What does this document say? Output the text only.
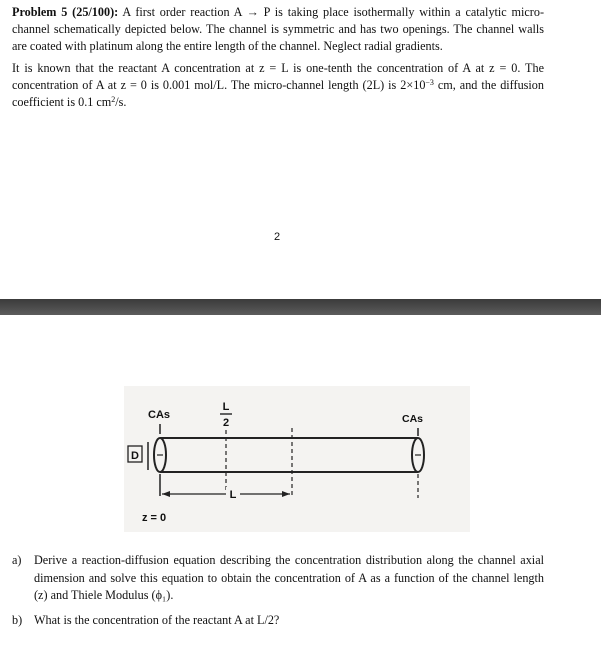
Problem 5 (25/100): A first order reaction A → P is taking place isothermally within a catalytic micro-channel schematically depicted below. The channel is symmetric and has two openings. The channel walls are coated with platinum along the entire length of the channel. Neglect radial gradients.

It is known that the reactant A concentration at z = L is one-tenth the concentration of A at z = 0. The concentration of A at z = 0 is 0.001 mol/L. The micro-channel length (2L) is $2\times 10^{-3}$ cm, and the diffusion coefficient is 0.1 $cm^2/s$.

2
D
CAs	CAs
L
2
L
z = 0
a) Derive a reaction-diffusion equation describing the concentration distribution along the channel axial dimension and solve this equation to obtain the concentration of A as a function of the channel length (z) and Thiele Modulus (ϕ₁).
b) What is the concentration of the reactant A at L/2?
